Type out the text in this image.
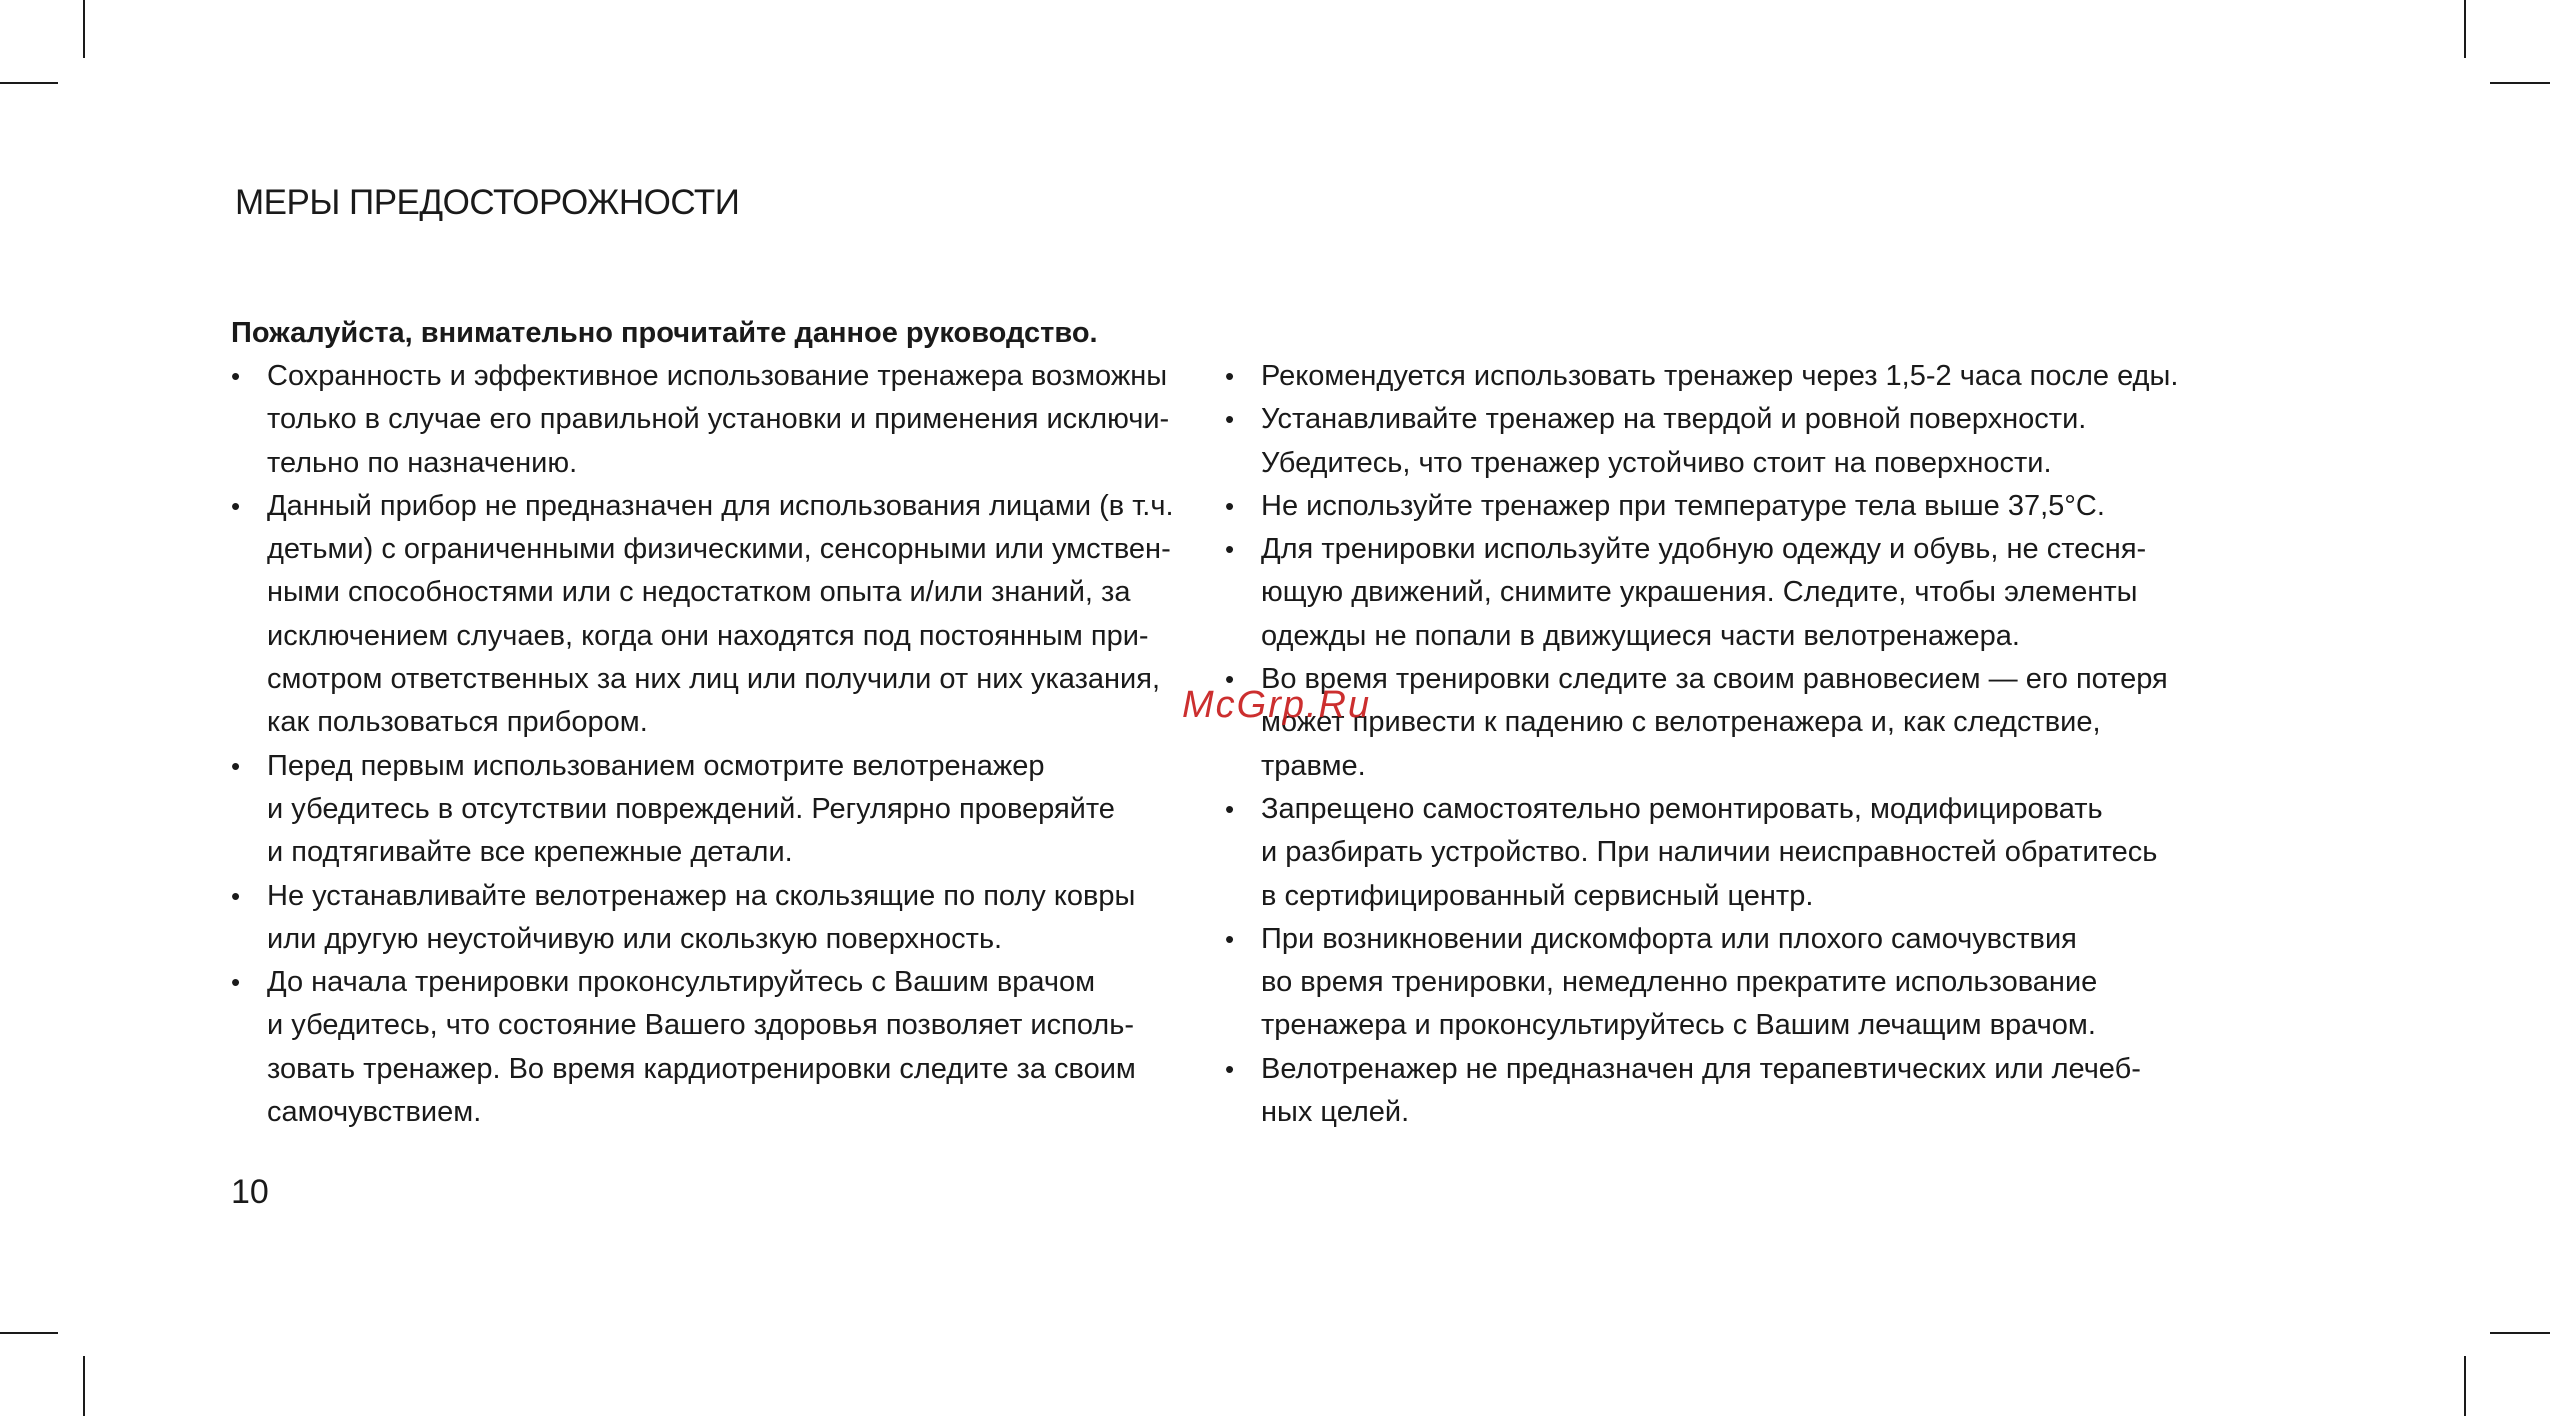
МЕРЫ ПРЕДОСТОРОЖНОСТИ
Пожалуйста, внимательно прочитайте данное руководство.
• Сохранность и эффективное использование тренажера возможны
только в случае его правильной установки и применения исключи-
тельно по назначению.
• Данный прибор не предназначен для использования лицами (в т.ч.
детьми) с ограниченными физическими, сенсорными или умствен-
ными способностями или с недостатком опыта и/или знаний, за
исключением случаев, когда они находятся под постоянным при-
смотром ответственных за них лиц или получили от них указания,
как пользоваться прибором.
• Перед первым использованием осмотрите велотренажер
и убедитесь в отсутствии повреждений. Регулярно проверяйте
и подтягивайте все крепежные детали.
• Не устанавливайте велотренажер на скользящие по полу ковры
или другую неустойчивую или скользкую поверхность.
• До начала тренировки проконсультируйтесь с Вашим врачом
и убедитесь, что состояние Вашего здоровья позволяет исполь-
зовать тренажер. Во время кардиотренировки следите за своим
самочувствием.
• Рекомендуется использовать тренажер через 1,5-2 часа после еды.
• Устанавливайте тренажер на твердой и ровной поверхности.
Убедитесь, что тренажер устойчиво стоит на поверхности.
• Не используйте тренажер при температуре тела выше 37,5°С.
• Для тренировки используйте удобную одежду и обувь, не стесня-
ющую движений, снимите украшения. Следите, чтобы элементы
одежды не попали в движущиеся части велотренажера.
• Во время тренировки следите за своим равновесием — его потеря
может привести к падению с велотренажера и, как следствие,
травме.
• Запрещено самостоятельно ремонтировать, модифицировать
и разбирать устройство. При наличии неисправностей обратитесь
в сертифицированный сервисный центр.
• При возникновении дискомфорта или плохого самочувствия
во время тренировки, немедленно прекратите использование
тренажера и проконсультируйтесь с Вашим лечащим врачом.
• Велотренажер не предназначен для терапевтических или лечеб-
ных целей.
McGrp.Ru
10
